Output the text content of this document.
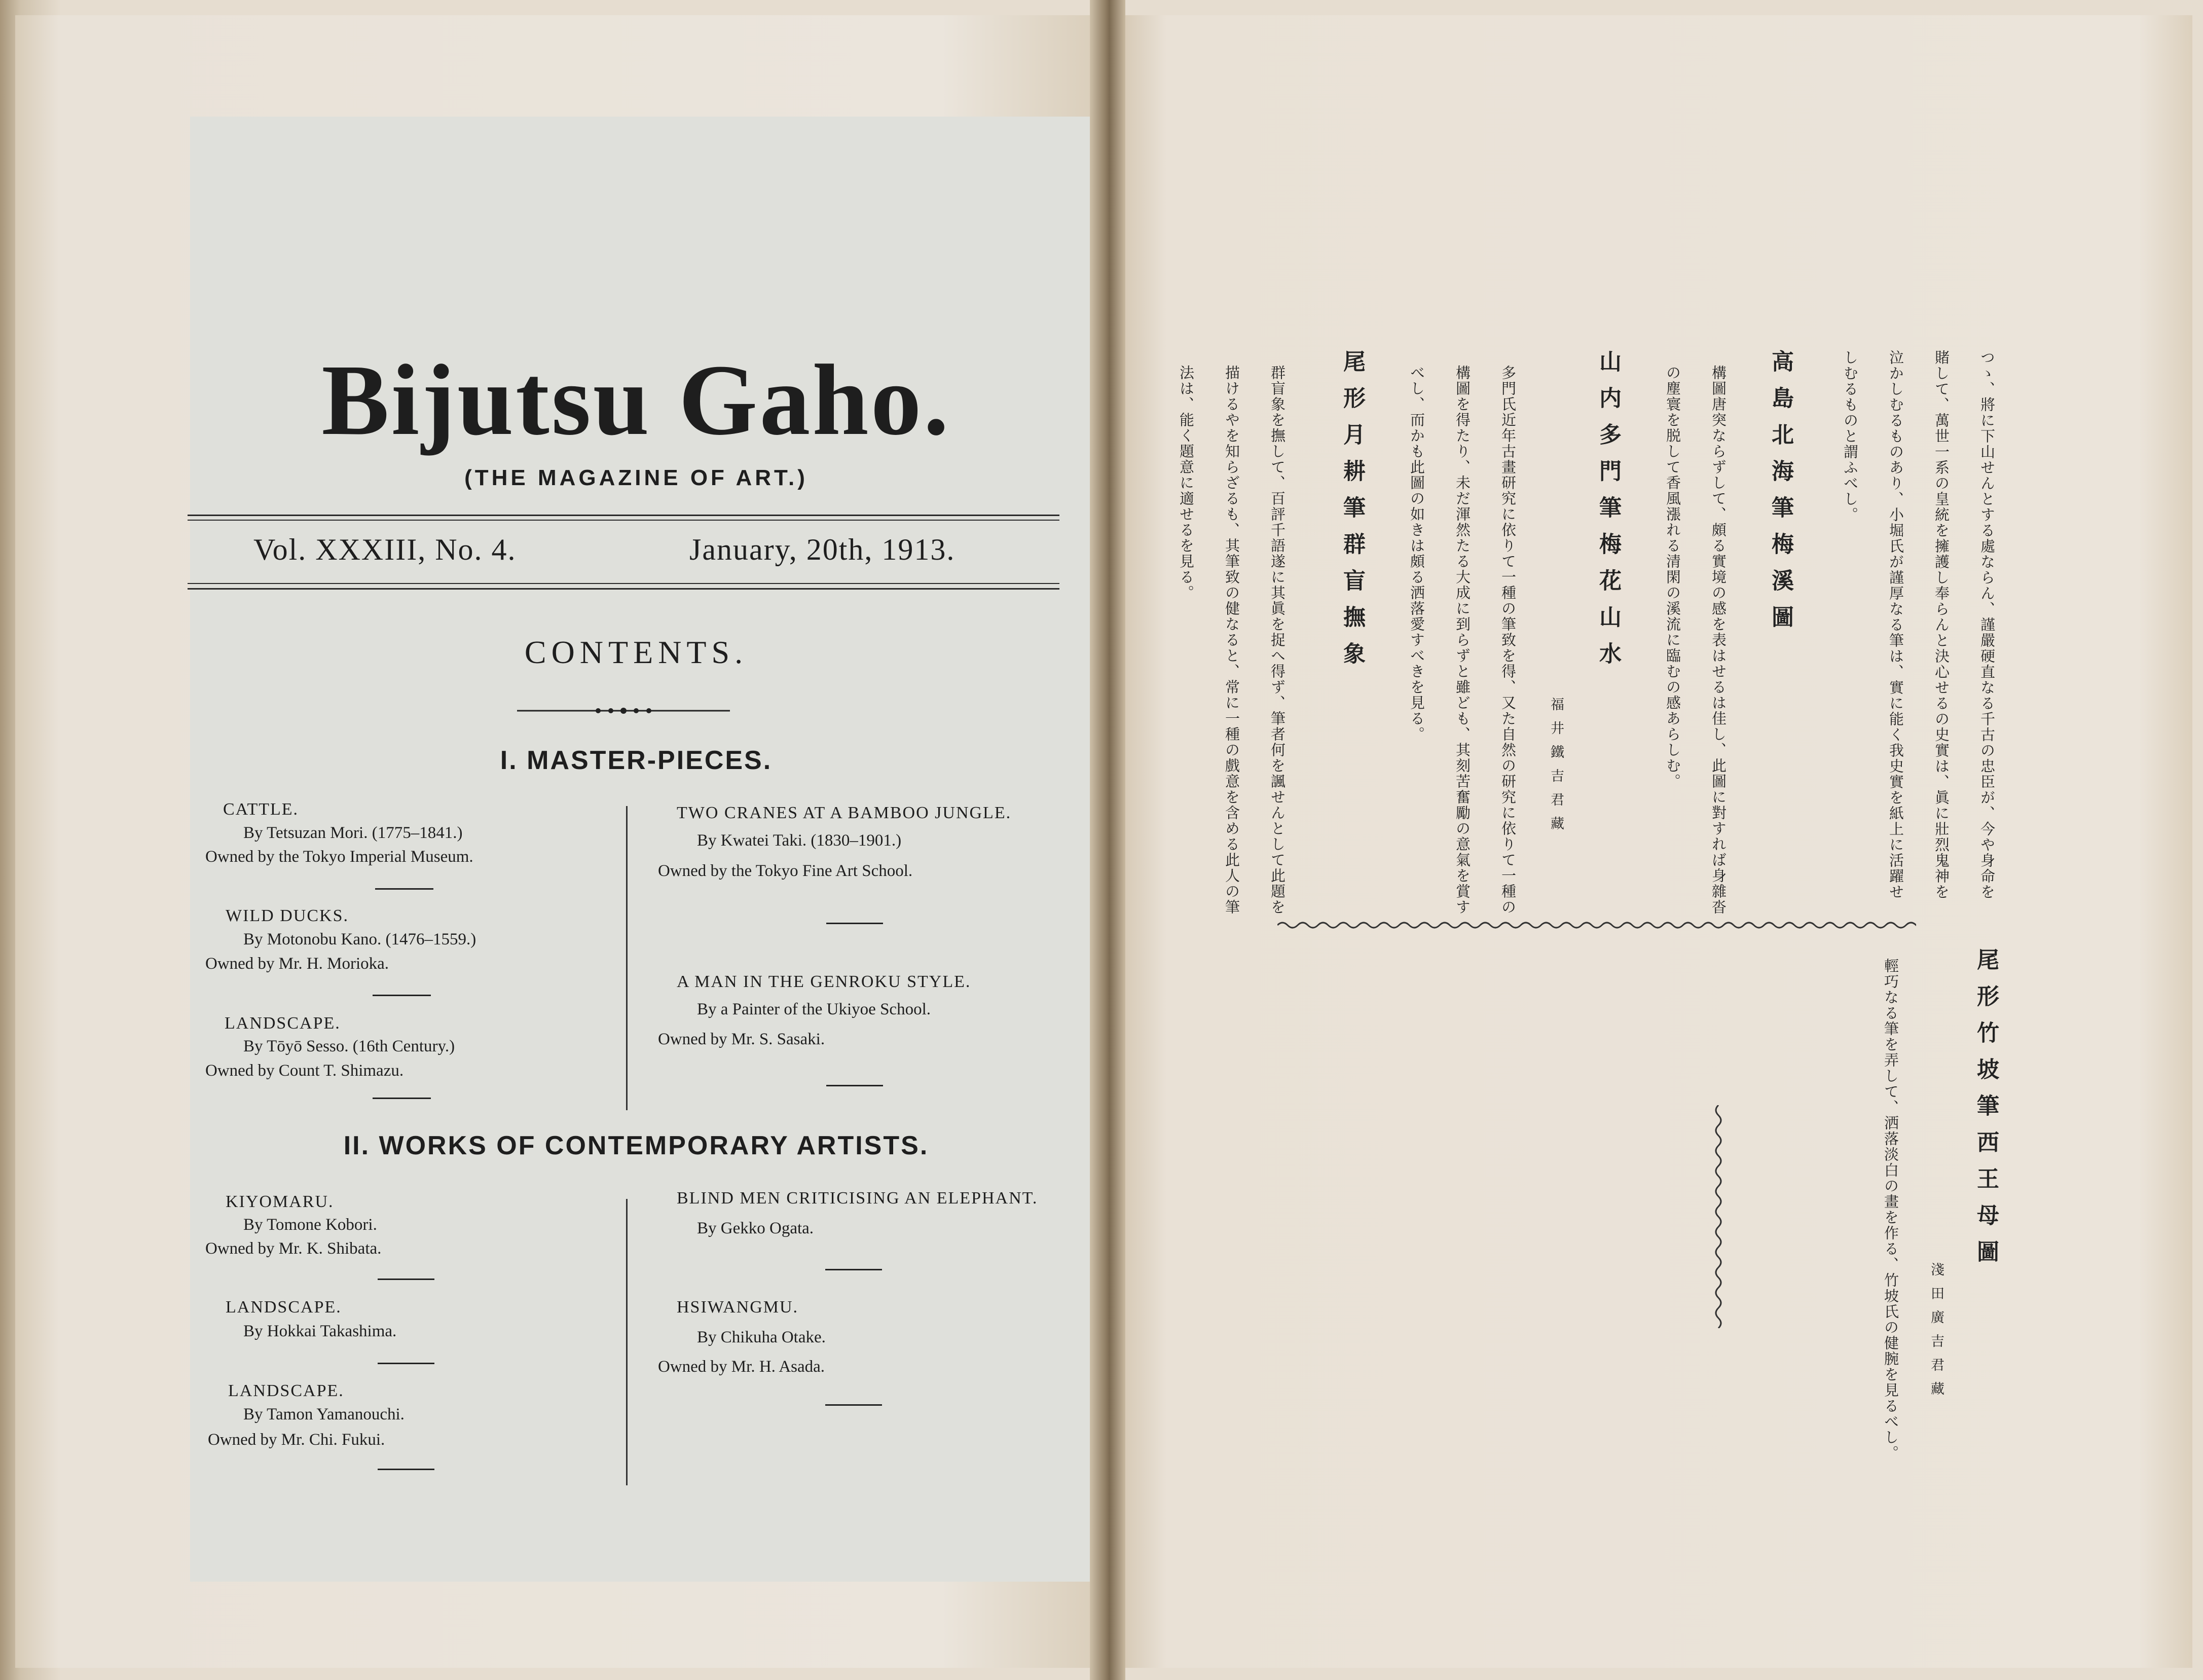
Bijutsu Gaho.
(THE MAGAZINE OF ART.)
Vol. XXXIII, No. 4.	January, 20th, 1913.
CONTENTS.
I. MASTER-PIECES.
CATTLE.
By Tetsuzan Mori. (1775–1841.)
Owned by the Tokyo Imperial Museum.
WILD DUCKS.
By Motonobu Kano. (1476–1559.)
Owned by Mr. H. Morioka.
LANDSCAPE.
By Tōyō Sesso. (16th Century.)
Owned by Count T. Shimazu.
TWO CRANES AT A BAMBOO JUNGLE.
By Kwatei Taki. (1830–1901.)
Owned by the Tokyo Fine Art School.
A MAN IN THE GENROKU STYLE.
By a Painter of the Ukiyoe School.
Owned by Mr. S. Sasaki.
II. WORKS OF CONTEMPORARY ARTISTS.
KIYOMARU.
By Tomone Kobori.
Owned by Mr. K. Shibata.
LANDSCAPE.
By Hokkai Takashima.
LANDSCAPE.
By Tamon Yamanouchi.
Owned by Mr. Chi. Fukui.
BLIND MEN CRITICISING AN ELEPHANT.
By Gekko Ogata.
HSIWANGMU.
By Chikuha Otake.
Owned by Mr. H. Asada.
つゝ、將に下山せんとする處ならん、謹嚴硬直なる千古の忠臣が、今や身命を
賭して、萬世一系の皇統を擁護し奉らんと決心せるの史實は、眞に壯烈鬼神を
泣かしむるものあり、小堀氏が謹厚なる筆は、實に能く我史實を紙上に活躍せ
しむるものと謂ふべし。
高島北海筆梅溪圖
構圖唐突ならずして、頗る實境の感を表はせるは佳し、此圖に對すれば身雜沓
の塵寰を脱して香風漲れる清閑の溪流に臨むの感あらしむ。
山内多門筆梅花山水
福井鐵吉君藏
多門氏近年古畫研究に依りて一種の筆致を得、又た自然の研究に依りて一種の
構圖を得たり、未だ渾然たる大成に到らずと雖ども、其刻苦奮勵の意氣を賞す
べし、而かも此圖の如きは頗る洒落愛すべきを見る。
尾形月耕筆群盲撫象
群盲象を撫して、百評千語遂に其眞を捉へ得ず、筆者何を諷せんとして此題を
描けるやを知らざるも、其筆致の健なると、常に一種の戲意を含める此人の筆
法は、能く題意に適せるを見る。
尾形竹坡筆西王母圖
淺田廣吉君藏
輕巧なる筆を弄して、洒落淡白の畫を作る、竹坡氏の健腕を見るべし。
